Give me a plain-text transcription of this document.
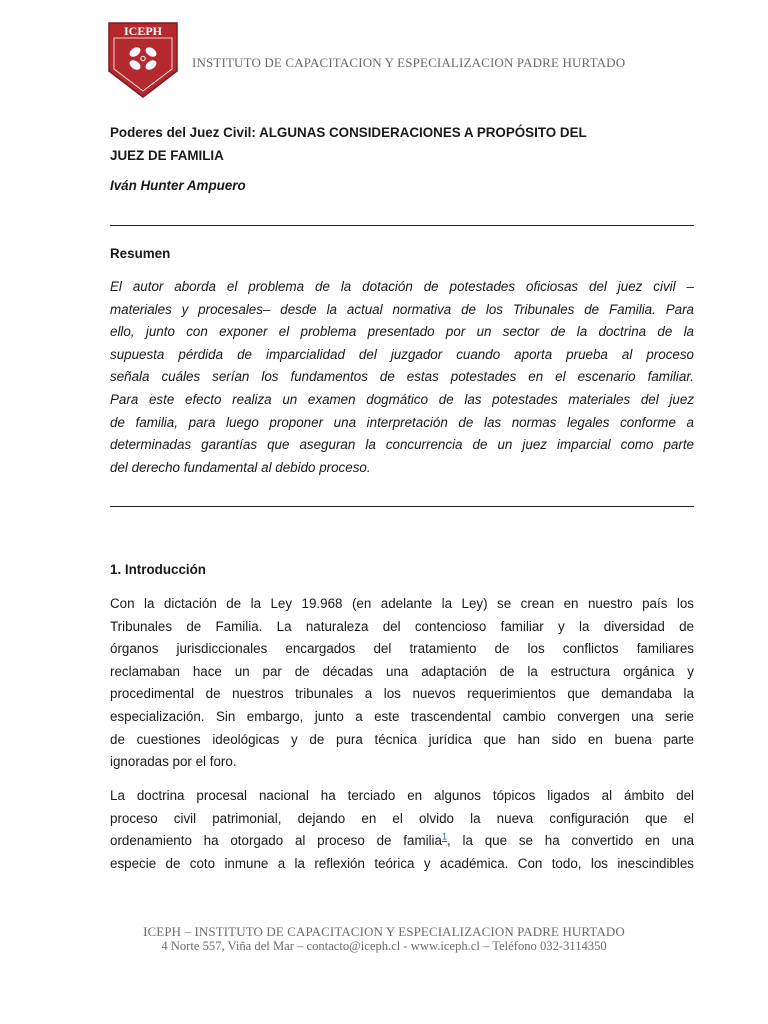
ICEPH
INSTITUTO DE CAPACITACION Y ESPECIALIZACION PADRE HURTADO
Poderes del Juez Civil: ALGUNAS CONSIDERACIONES A PROPÓSITO DEL
JUEZ DE FAMILIA
Iván Hunter Ampuero
Resumen
El autor aborda el problema de la dotación de potestades oficiosas del juez civil –
materiales y procesales– desde la actual normativa de los Tribunales de Familia. Para
ello, junto con exponer el problema presentado por un sector de la doctrina de la
supuesta pérdida de imparcialidad del juzgador cuando aporta prueba al proceso
señala cuáles serían los fundamentos de estas potestades en el escenario familiar.
Para este efecto realiza un examen dogmático de las potestades materiales del juez
de familia, para luego proponer una interpretación de las normas legales conforme a
determinadas garantías que aseguran la concurrencia de un juez imparcial como parte
del derecho fundamental al debido proceso.
1. Introducción
Con la dictación de la Ley 19.968 (en adelante la Ley) se crean en nuestro país los
Tribunales de Familia. La naturaleza del contencioso familiar y la diversidad de
órganos jurisdiccionales encargados del tratamiento de los conflictos familiares
reclamaban hace un par de décadas una adaptación de la estructura orgánica y
procedimental de nuestros tribunales a los nuevos requerimientos que demandaba la
especialización. Sin embargo, junto a este trascendental cambio convergen una serie
de cuestiones ideológicas y de pura técnica jurídica que han sido en buena parte
ignoradas por el foro.
La doctrina procesal nacional ha terciado en algunos tópicos ligados al ámbito del
proceso civil patrimonial, dejando en el olvido la nueva configuración que el
ordenamiento ha otorgado al proceso de familia$^1$, la que se ha convertido en una
especie de coto inmune a la reflexión teórica y académica. Con todo, los inescindibles
ICEPH – INSTITUTO DE CAPACITACION Y ESPECIALIZACION PADRE HURTADO
4 Norte 557, Viña del Mar – contacto@iceph.cl - www.iceph.cl – Teléfono 032-3114350
